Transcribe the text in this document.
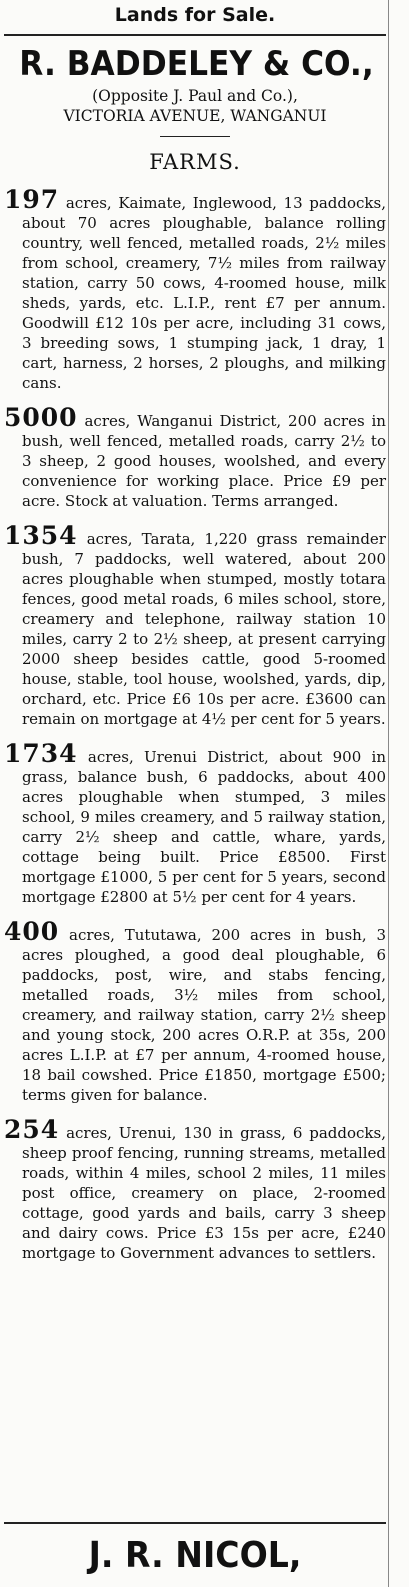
Lands for Sale.
R. BADDELEY & CO.,
(Opposite J. Paul and Co.),
VICTORIA AVENUE, WANGANUI
FARMS.

197 acres, Kaimate, Inglewood, 13 paddocks, about 70 acres ploughable, balance rolling country, well fenced, metalled roads, 2½ miles from school, creamery, 7½ miles from railway station, carry 50 cows, 4-roomed house, milk sheds, yards, etc. L.I.P., rent £7 per annum. Goodwill £12 10s per acre, including 31 cows, 3 breeding sows, 1 stumping jack, 1 dray, 1 cart, harness, 2 horses, 2 ploughs, and milking cans.

5000 acres, Wanganui District, 200 acres in bush, well fenced, metalled roads, carry 2½ to 3 sheep, 2 good houses, woolshed, and every convenience for working place. Price £9 per acre. Stock at valuation. Terms arranged.

1354 acres, Tarata, 1,220 grass remainder bush, 7 paddocks, well watered, about 200 acres ploughable when stumped, mostly totara fences, good metal roads, 6 miles school, store, creamery and telephone, railway station 10 miles, carry 2 to 2½ sheep, at present carrying 2000 sheep besides cattle, good 5-roomed house, stable, tool house, woolshed, yards, dip, orchard, etc. Price £6 10s per acre. £3600 can remain on mortgage at 4½ per cent for 5 years.

1734 acres, Urenui District, about 900 in grass, balance bush, 6 paddocks, about 400 acres ploughable when stumped, 3 miles school, 9 miles creamery, and 5 railway station, carry 2½ sheep and cattle, whare, yards, cottage being built. Price £8500. First mortgage £1000, 5 per cent for 5 years, second mortgage £2800 at 5½ per cent for 4 years.

400 acres, Tututawa, 200 acres in bush, 3 acres ploughed, a good deal ploughable, 6 paddocks, post, wire, and stabs fencing, metalled roads, 3½ miles from school, creamery, and railway station, carry 2½ sheep and young stock, 200 acres O.R.P. at 35s, 200 acres L.I.P. at £7 per annum, 4-roomed house, 18 bail cowshed. Price £1850, mortgage £500; terms given for balance.

254 acres, Urenui, 130 in grass, 6 paddocks, sheep proof fencing, running streams, metalled roads, within 4 miles, school 2 miles, 11 miles post office, creamery on place, 2-roomed cottage, good yards and bails, carry 3 sheep and dairy cows. Price £3 15s per acre, £240 mortgage to Government advances to settlers.

J. R. NICOL,
